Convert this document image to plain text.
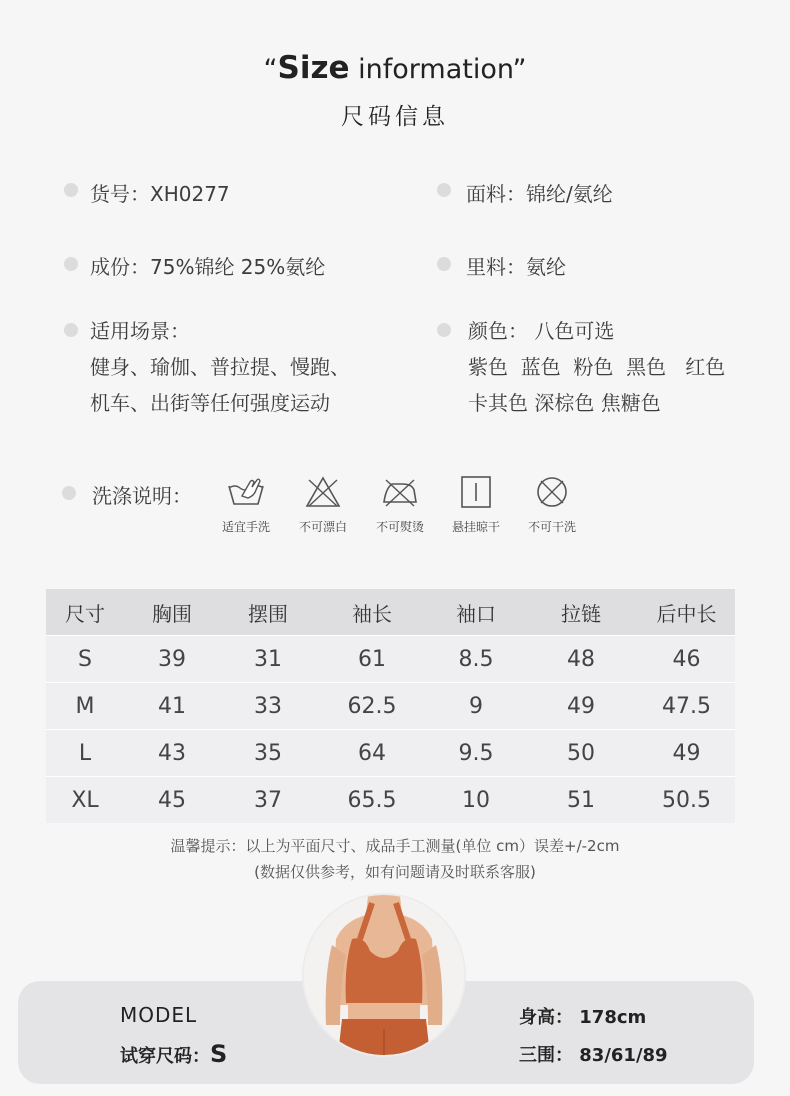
“Size information”
尺码信息
货号：XH0277	面料：锦纶/氨纶
成份：75%锦纶 25%氨纶	里料：氨纶
适用场景：
健身、瑜伽、普拉提、慢跑、
机车、出街等任何强度运动
颜色： 八色可选
紫色  蓝色  粉色  黑色   红色
卡其色 深棕色 焦糖色
洗涤说明：
适宜手洗	不可漂白	不可熨烫	悬挂晾干	不可干洗
尺寸	胸围	摆围	袖长	袖口	拉链	后中长
S	39	31	61	8.5	48	46
M	41	33	62.5	9	49	47.5
L	43	35	64	9.5	50	49
XL	45	37	65.5	10	51	50.5
温馨提示：以上为平面尺寸、成品手工测量(单位 cm）误差+/-2cm
(数据仅供参考，如有问题请及时联系客服)
MODEL
试穿尺码：S
身高： 178cm
三围： 83/61/89
